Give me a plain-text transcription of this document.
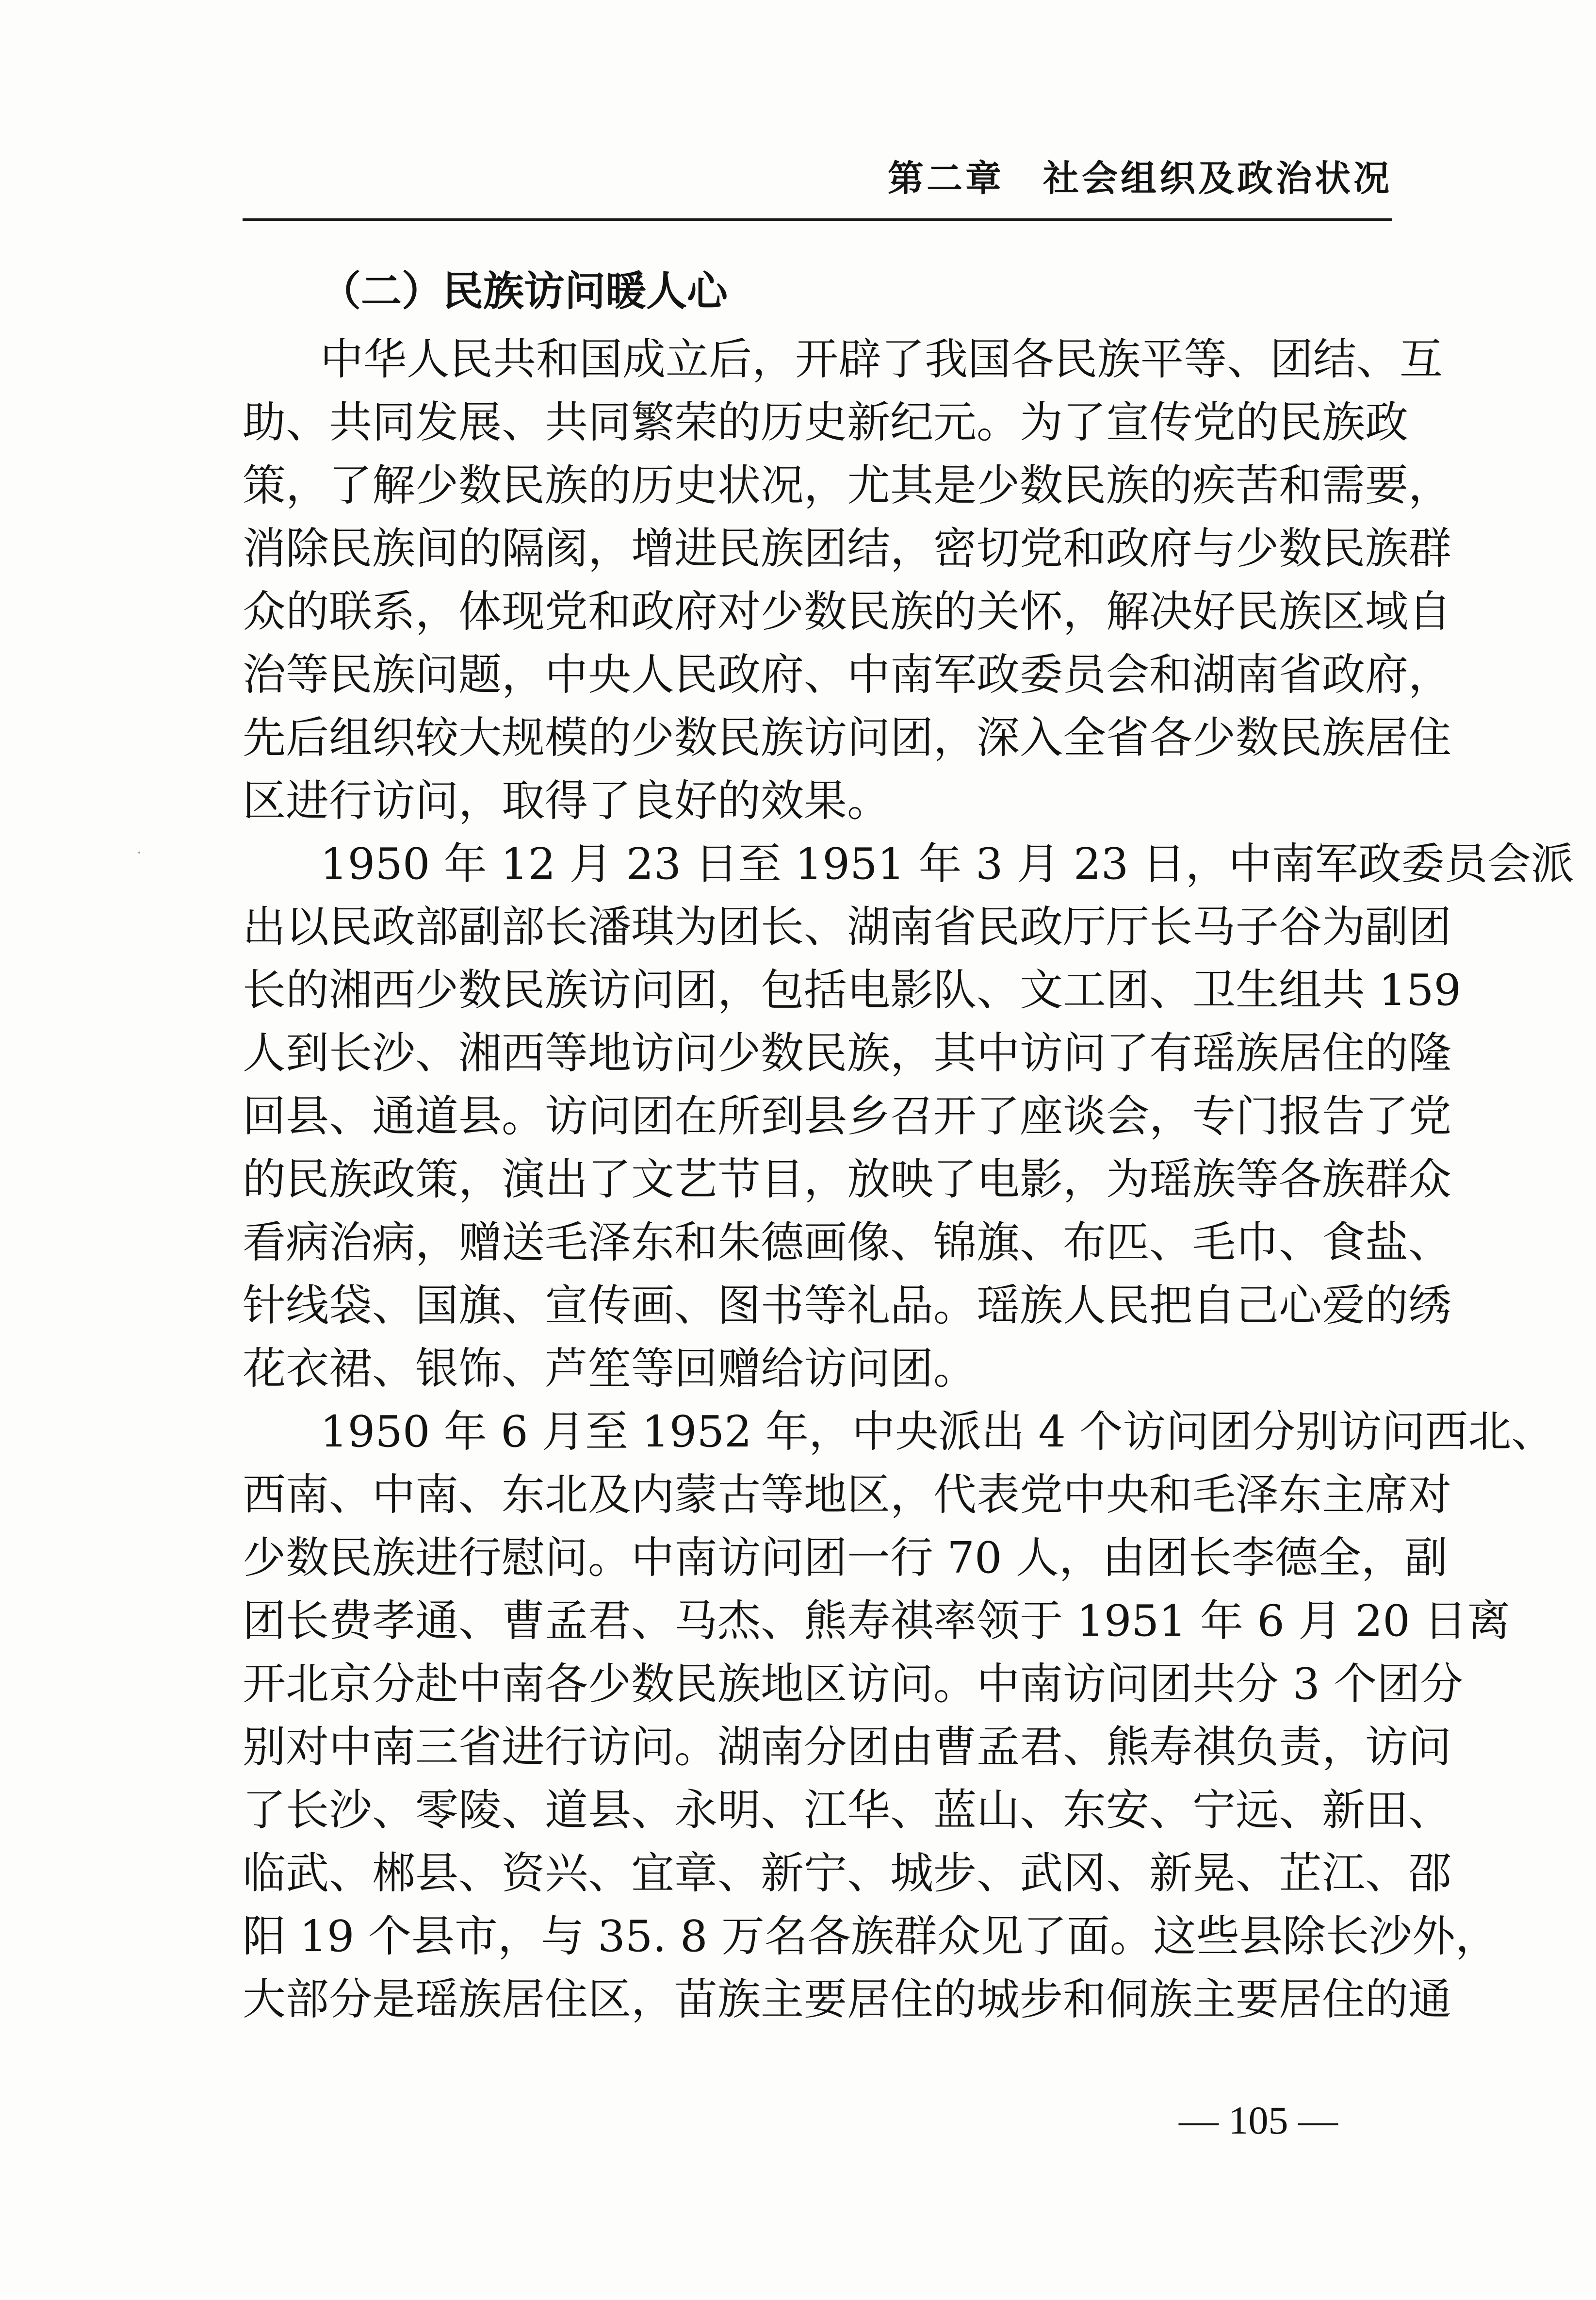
第二章　社会组织及政治状况
（二）民族访问暖人心
中华人民共和国成立后，开辟了我国各民族平等、团结、互
助、共同发展、共同繁荣的历史新纪元。为了宣传党的民族政
策，了解少数民族的历史状况，尤其是少数民族的疾苦和需要，
消除民族间的隔阂，增进民族团结，密切党和政府与少数民族群
众的联系，体现党和政府对少数民族的关怀，解决好民族区域自
治等民族问题，中央人民政府、中南军政委员会和湖南省政府，
先后组织较大规模的少数民族访问团，深入全省各少数民族居住
区进行访问，取得了良好的效果。
1950 年 12 月 23 日至 1951 年 3 月 23 日，中南军政委员会派
出以民政部副部长潘琪为团长、湖南省民政厅厅长马子谷为副团
长的湘西少数民族访问团，包括电影队、文工团、卫生组共 159
人到长沙、湘西等地访问少数民族，其中访问了有瑶族居住的隆
回县、通道县。访问团在所到县乡召开了座谈会，专门报告了党
的民族政策，演出了文艺节目，放映了电影，为瑶族等各族群众
看病治病，赠送毛泽东和朱德画像、锦旗、布匹、毛巾、食盐、
针线袋、国旗、宣传画、图书等礼品。瑶族人民把自己心爱的绣
花衣裙、银饰、芦笙等回赠给访问团。
1950 年 6 月至 1952 年，中央派出 4 个访问团分别访问西北、
西南、中南、东北及内蒙古等地区，代表党中央和毛泽东主席对
少数民族进行慰问。中南访问团一行 70 人，由团长李德全，副
团长费孝通、曹孟君、马杰、熊寿祺率领于 1951 年 6 月 20 日离
开北京分赴中南各少数民族地区访问。中南访问团共分 3 个团分
别对中南三省进行访问。湖南分团由曹孟君、熊寿祺负责，访问
了长沙、零陵、道县、永明、江华、蓝山、东安、宁远、新田、
临武、郴县、资兴、宜章、新宁、城步、武冈、新晃、芷江、邵
阳 19 个县市，与 35. 8 万名各族群众见了面。这些县除长沙外，
大部分是瑶族居住区，苗族主要居住的城步和侗族主要居住的通
— 105 —
